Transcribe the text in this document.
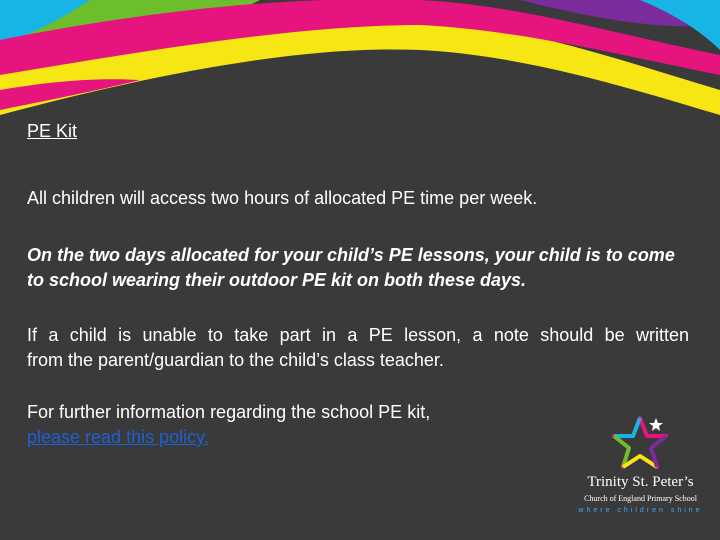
PE Kit

All children will access two hours of allocated PE time per week.

On the two days allocated for your child’s PE lessons, your child is to come to school wearing their outdoor PE kit on both these days.

If a child is unable to take part in a PE lesson, a note should be written
from the parent/guardian to the child’s class teacher.

For further information regarding the school PE kit,
please read this policy.

Trinity St. Peter’s
Church of England Primary School
where children shine
